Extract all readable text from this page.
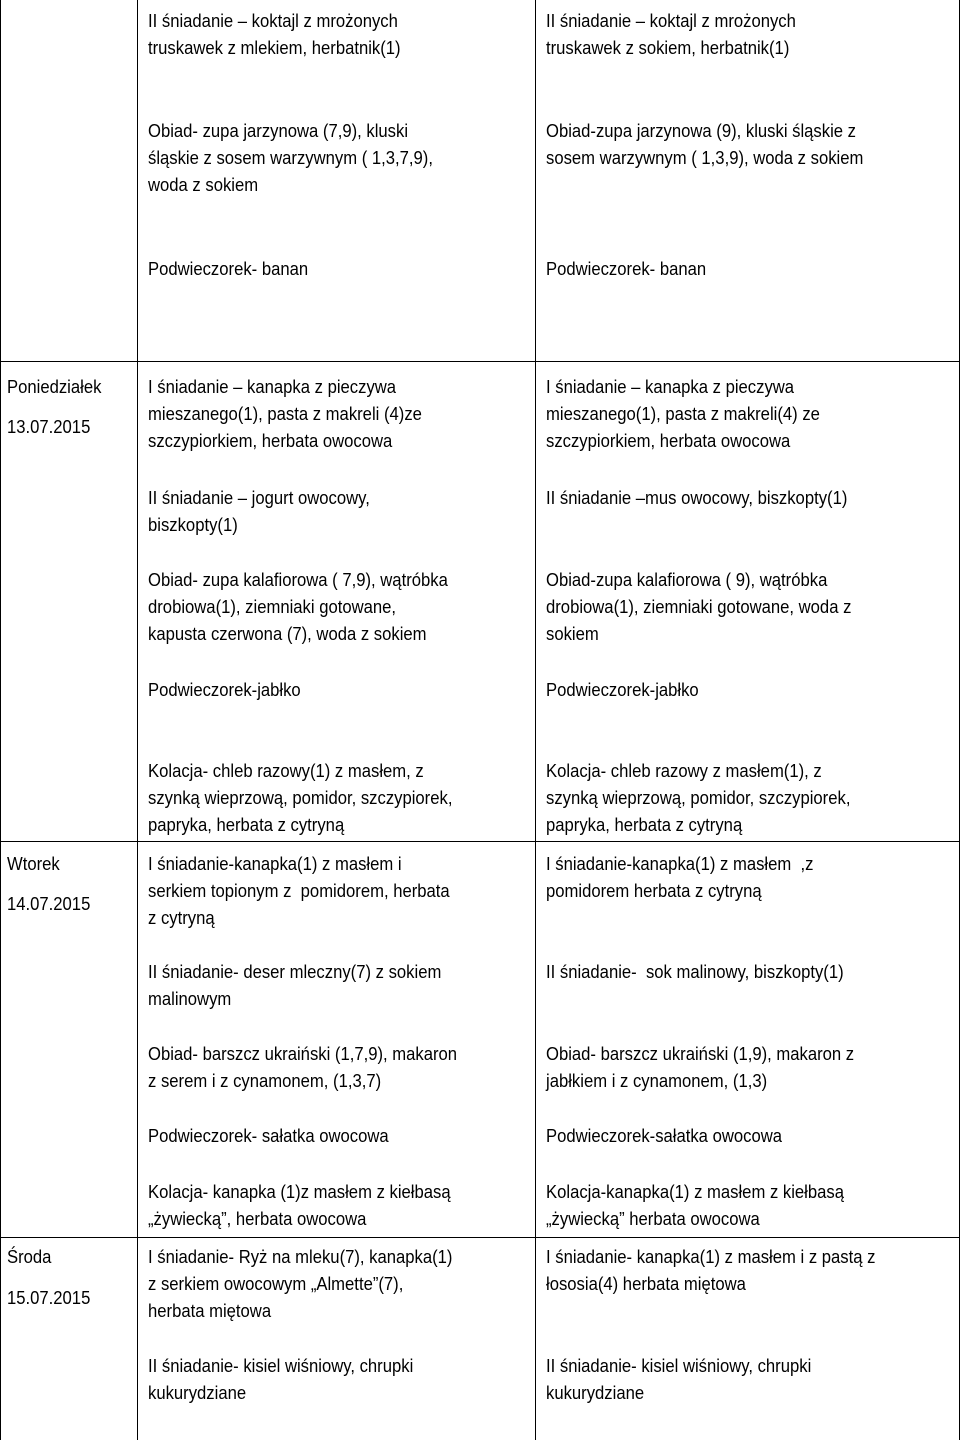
II śniadanie – koktajl z mrożonych
truskawek z mlekiem, herbatnik(1)
Obiad- zupa jarzynowa (7,9), kluski
śląskie z sosem warzywnym ( 1,3,7,9),
woda z sokiem
Podwieczorek- banan
II śniadanie – koktajl z mrożonych
truskawek z sokiem, herbatnik(1)
Obiad-zupa jarzynowa (9), kluski śląskie z
sosem warzywnym ( 1,3,9), woda z sokiem
Podwieczorek- banan
Poniedziałek
13.07.2015
I śniadanie – kanapka z pieczywa
mieszanego(1), pasta z makreli (4)ze
szczypiorkiem, herbata owocowa
II śniadanie – jogurt owocowy,
biszkopty(1)
Obiad- zupa kalafiorowa ( 7,9), wątróbka
drobiowa(1), ziemniaki gotowane,
kapusta czerwona (7), woda z sokiem
Podwieczorek-jabłko
Kolacja- chleb razowy(1) z masłem, z
szynką wieprzową, pomidor, szczypiorek,
papryka, herbata z cytryną
I śniadanie – kanapka z pieczywa
mieszanego(1), pasta z makreli(4) ze
szczypiorkiem, herbata owocowa
II śniadanie –mus owocowy, biszkopty(1)
Obiad-zupa kalafiorowa ( 9), wątróbka
drobiowa(1), ziemniaki gotowane, woda z
sokiem
Podwieczorek-jabłko
Kolacja- chleb razowy z masłem(1), z
szynką wieprzową, pomidor, szczypiorek,
papryka, herbata z cytryną
Wtorek
14.07.2015
I śniadanie-kanapka(1) z masłem i
serkiem topionym z  pomidorem, herbata
z cytryną
II śniadanie- deser mleczny(7) z sokiem
malinowym
Obiad- barszcz ukraiński (1,7,9), makaron
z serem i z cynamonem, (1,3,7)
Podwieczorek- sałatka owocowa
Kolacja- kanapka (1)z masłem z kiełbasą
„żywiecką”, herbata owocowa
I śniadanie-kanapka(1) z masłem  ,z
pomidorem herbata z cytryną
II śniadanie-  sok malinowy, biszkopty(1)
Obiad- barszcz ukraiński (1,9), makaron z
jabłkiem i z cynamonem, (1,3)
Podwieczorek-sałatka owocowa
Kolacja-kanapka(1) z masłem z kiełbasą
„żywiecką” herbata owocowa
Środa
15.07.2015
I śniadanie- Ryż na mleku(7), kanapka(1)
z serkiem owocowym „Almette”(7),
herbata miętowa
II śniadanie- kisiel wiśniowy, chrupki
kukurydziane
I śniadanie- kanapka(1) z masłem i z pastą z
łososia(4) herbata miętowa
II śniadanie- kisiel wiśniowy, chrupki
kukurydziane
